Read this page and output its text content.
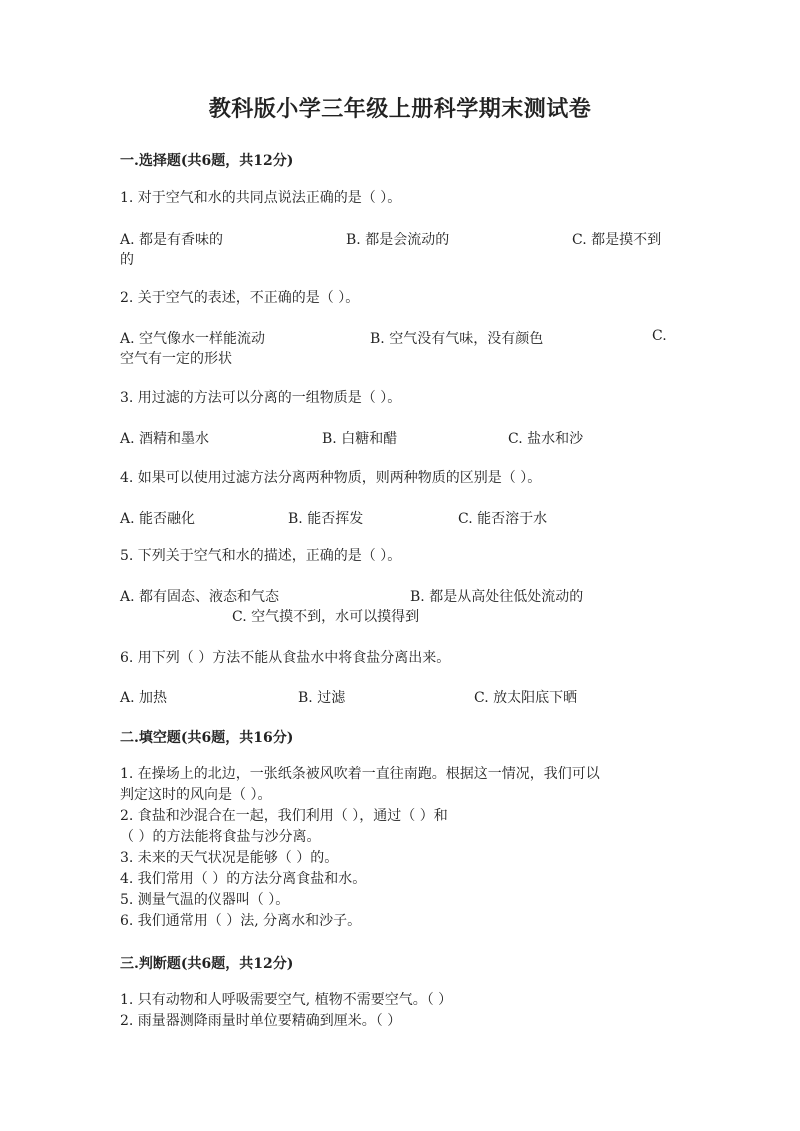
教科版小学三年级上册科学期末测试卷
一.选择题(共6题，共12分)
1. 对于空气和水的共同点说法正确的是（ ）。
A. 都是有香味的	B. 都是会流动的	C. 都是摸不到
的
2. 关于空气的表述，不正确的是（ ）。
A. 空气像水一样能流动	B. 空气没有气味，没有颜色	C.
空气有一定的形状
3. 用过滤的方法可以分离的一组物质是（ ）。
A. 酒精和墨水	B. 白糖和醋	C. 盐水和沙
4. 如果可以使用过滤方法分离两种物质，则两种物质的区别是（ ）。
A. 能否融化	B. 能否挥发	C. 能否溶于水
5. 下列关于空气和水的描述，正确的是（ ）。
A. 都有固态、液态和气态	B. 都是从高处往低处流动的
C. 空气摸不到，水可以摸得到
6. 用下列（ ）方法不能从食盐水中将食盐分离出来。
A. 加热	B. 过滤	C. 放太阳底下晒
二.填空题(共6题，共16分)
1. 在操场上的北边，一张纸条被风吹着一直往南跑。根据这一情况，我们可以
判定这时的风向是（ ）。
2. 食盐和沙混合在一起，我们利用（ ），通过（ ）和
（ ）的方法能将食盐与沙分离。
3. 未来的天气状况是能够（ ）的。
4. 我们常用（ ）的方法分离食盐和水。
5. 测量气温的仪器叫（ ）。
6. 我们通常用（ ）法, 分离水和沙子。
三.判断题(共6题，共12分)
1. 只有动物和人呼吸需要空气, 植物不需要空气。（ ）
2. 雨量器测降雨量时单位要精确到厘米。（ ）
